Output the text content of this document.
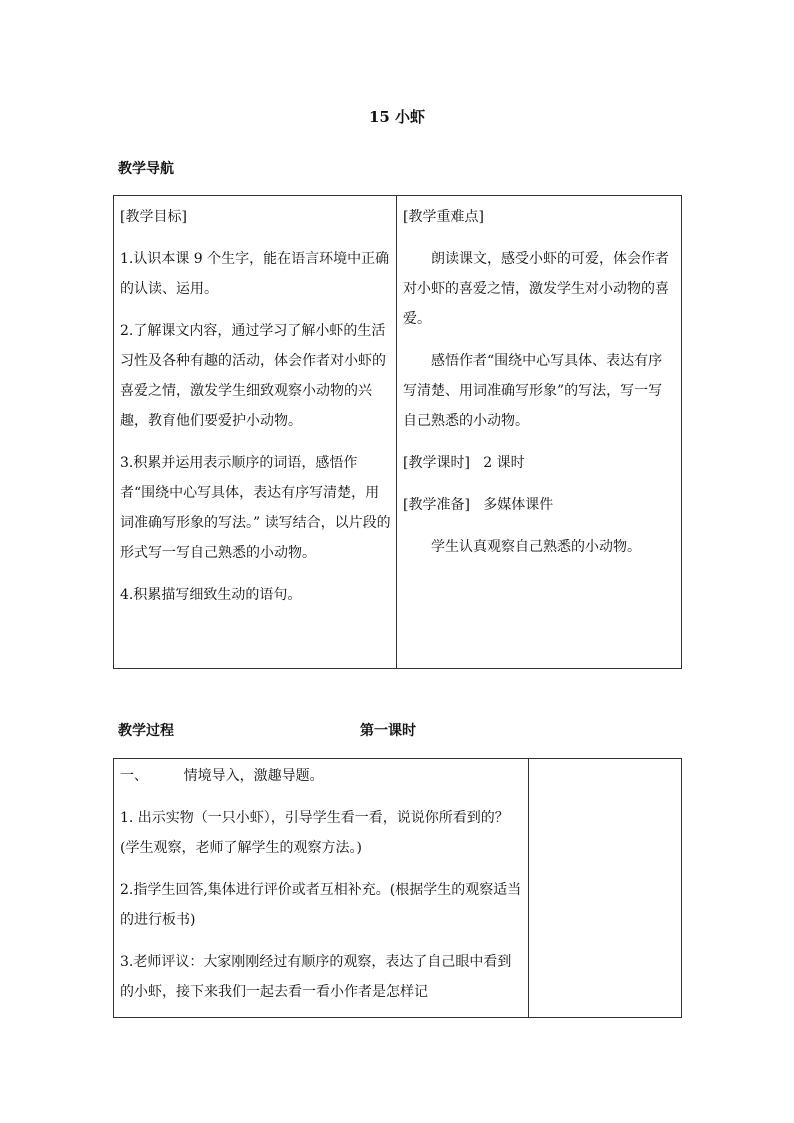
15 小虾
教学导航
[教学目标]
1.认识本课 9 个生字，能在语言环境中正确的认读、运用。
2.了解课文内容，通过学习了解小虾的生活习性及各种有趣的活动，体会作者对小虾的喜爱之情，激发学生细致观察小动物的兴趣，教育他们要爱护小动物。
3.积累并运用表示顺序的词语，感悟作者“围绕中心写具体，表达有序写清楚，用词准确写形象的写法。” 读写结合，以片段的形式写一写自己熟悉的小动物。
4.积累描写细致生动的语句。

[教学重难点]
朗读课文，感受小虾的可爱，体会作者对小虾的喜爱之情，激发学生对小动物的喜爱。
感悟作者“围绕中心写具体、表达有序写清楚、用词准确写形象”的写法，写一写自己熟悉的小动物。
[教学课时] 2 课时
[教学准备] 多媒体课件
学生认真观察自己熟悉的小动物。
教学过程	第一课时
一、	情境导入，激趣导题。
1. 出示实物（一只小虾），引导学生看一看，说说你所看到的？(学生观察，老师了解学生的观察方法。)
2.指学生回答,集体进行评价或者互相补充。(根据学生的观察适当的进行板书)
3.老师评议：大家刚刚经过有顺序的观察，表达了自己眼中看到的小虾，接下来我们一起去看一看小作者是怎样记
